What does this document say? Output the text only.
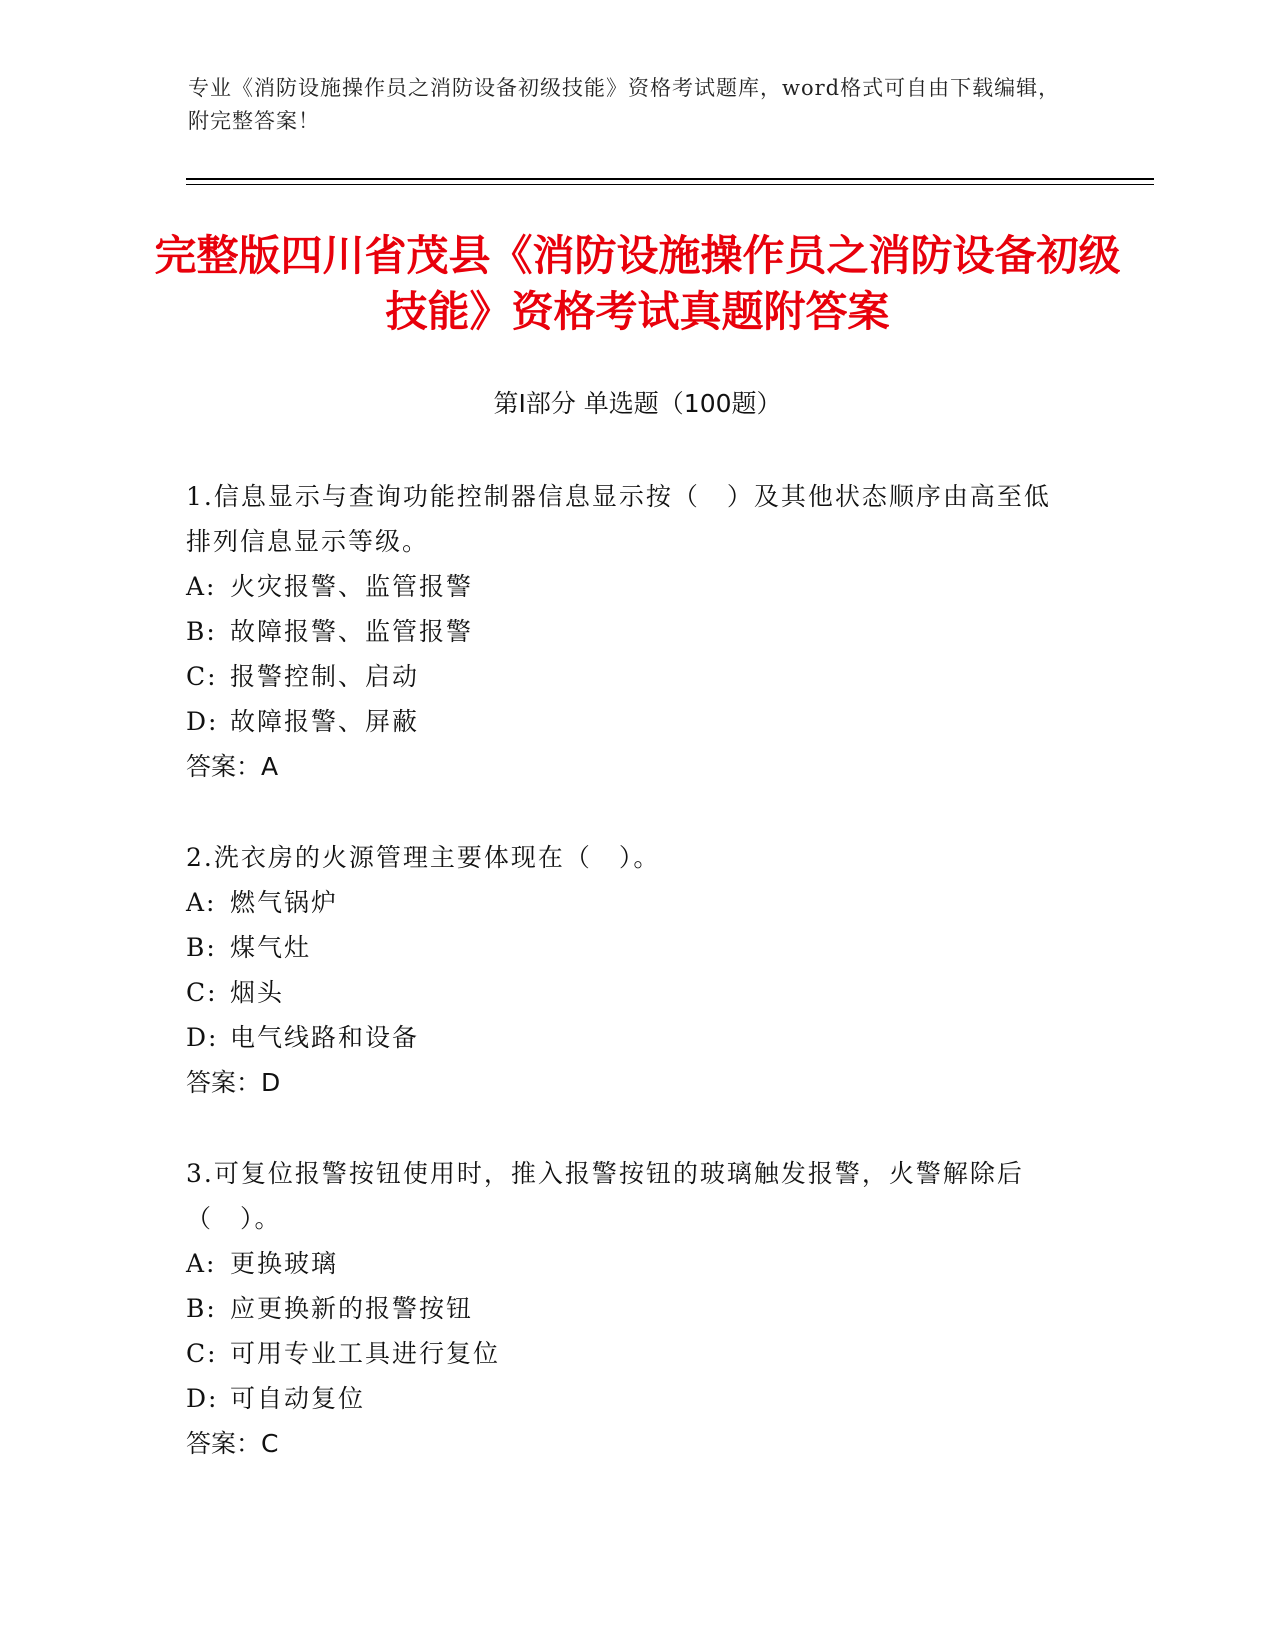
专业《消防设施操作员之消防设备初级技能》资格考试题库，word格式可自由下载编辑，附完整答案！
完整版四川省茂县《消防设施操作员之消防设备初级技能》资格考试真题附答案
第I部分 单选题（100题）

1.信息显示与查询功能控制器信息显示按（　）及其他状态顺序由高至低排列信息显示等级。

A: 火灾报警、监管报警

B: 故障报警、监管报警

C: 报警控制、启动

D: 故障报警、屏蔽

答案：A

2.洗衣房的火源管理主要体现在（　）。

A: 燃气锅炉

B: 煤气灶

C: 烟头

D: 电气线路和设备

答案：D

3.可复位报警按钮使用时，推入报警按钮的玻璃触发报警，火警解除后（　）。

A: 更换玻璃

B: 应更换新的报警按钮

C: 可用专业工具进行复位

D: 可自动复位

答案：C
